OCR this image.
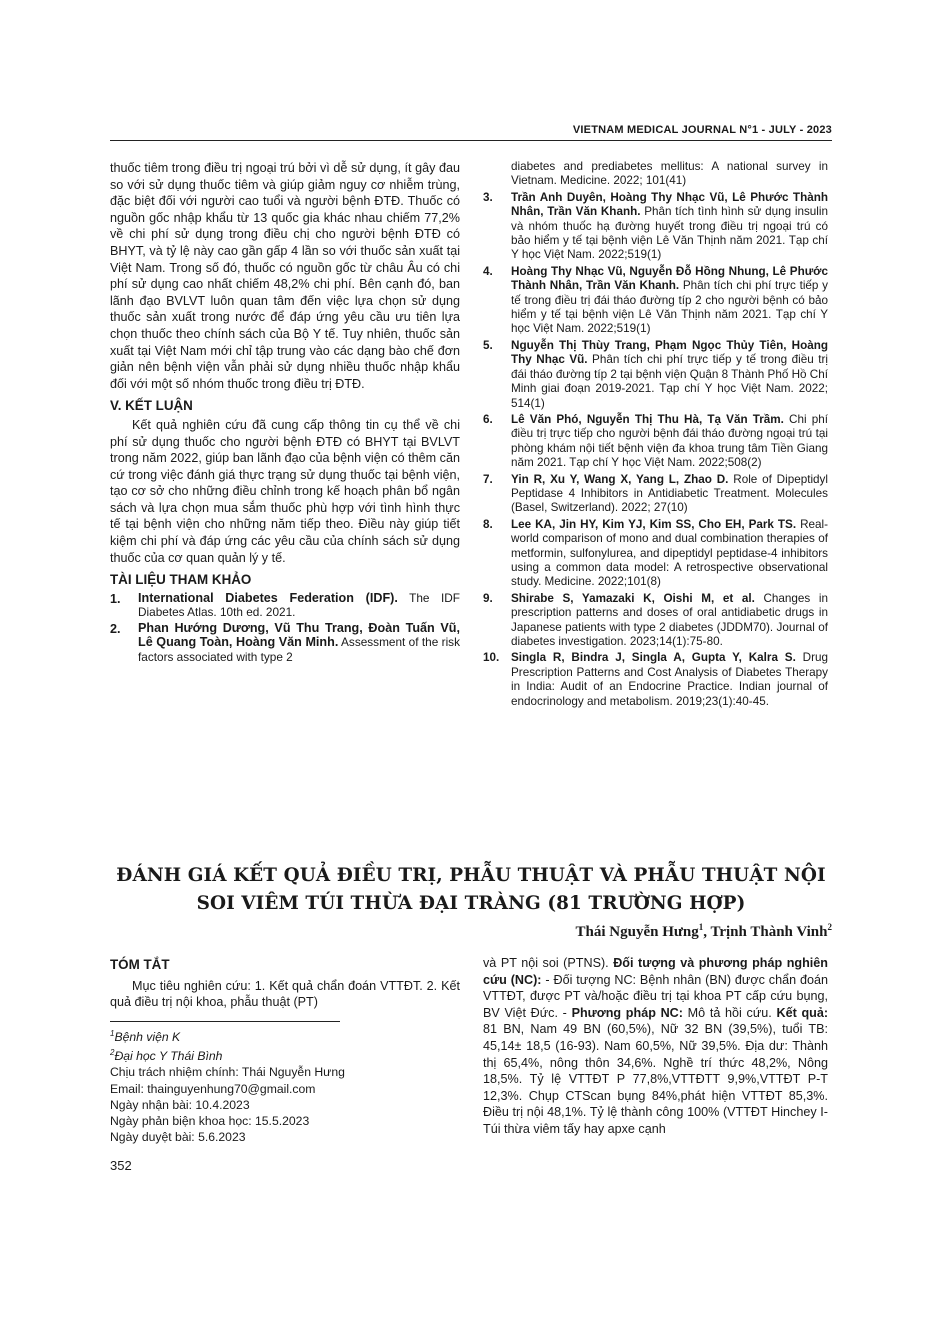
VIETNAM MEDICAL JOURNAL N°1 - JULY - 2023

thuốc tiêm trong điều trị ngoại trú bởi vì dễ sử dụng, ít gây đau so với sử dụng thuốc tiêm và giúp giảm nguy cơ nhiễm trùng, đặc biệt đối với người cao tuổi và người bệnh ĐTĐ. Thuốc có nguồn gốc nhập khẩu từ 13 quốc gia khác nhau chiếm 77,2% về chi phí sử dụng trong điều chị cho người bệnh ĐTĐ có BHYT, và tỷ lệ này cao gần gấp 4 lần so với thuốc sản xuất tại Việt Nam. Trong số đó, thuốc có nguồn gốc từ châu Âu có chi phí sử dụng cao nhất chiếm 48,2% chi phí. Bên cạnh đó, ban lãnh đạo BVLVT luôn quan tâm đến việc lựa chọn sử dụng thuốc sản xuất trong nước để đáp ứng yêu cầu ưu tiên lựa chọn thuốc theo chính sách của Bộ Y tế. Tuy nhiên, thuốc sản xuất tại Việt Nam mới chỉ tập trung vào các dạng bào chế đơn giản nên bệnh viện vẫn phải sử dụng nhiều thuốc nhập khẩu đối với một số nhóm thuốc trong điều trị ĐTĐ.

V. KẾT LUẬN

Kết quả nghiên cứu đã cung cấp thông tin cụ thể về chi phí sử dụng thuốc cho người bệnh ĐTĐ có BHYT tại BVLVT trong năm 2022, giúp ban lãnh đạo của bệnh viện có thêm căn cứ trong việc đánh giá thực trạng sử dụng thuốc tại bệnh viện, tạo cơ sở cho những điều chỉnh trong kế hoạch phân bổ ngân sách và lựa chọn mua sắm thuốc phù hợp với tình hình thực tế tại bệnh viện cho những năm tiếp theo. Điều này giúp tiết kiệm chi phí và đáp ứng các yêu cầu của chính sách sử dụng thuốc của cơ quan quản lý y tế.

TÀI LIỆU THAM KHẢO
1.	International Diabetes Federation (IDF). The IDF Diabetes Atlas. 10th ed. 2021.
2.	Phan Hướng Dương, Vũ Thu Trang, Đoàn Tuấn Vũ, Lê Quang Toàn, Hoàng Văn Minh. Assessment of the risk factors associated with type 2
diabetes and prediabetes mellitus: A national survey in Vietnam. Medicine. 2022; 101(41)
3.	Trần Anh Duyên, Hoàng Thy Nhạc Vũ, Lê Phước Thành Nhân, Trần Văn Khanh. Phân tích tình hình sử dụng insulin và nhóm thuốc hạ đường huyết trong điều trị ngoại trú có bảo hiểm y tế tại bệnh viện Lê Văn Thịnh năm 2021. Tạp chí Y học Việt Nam. 2022;519(1)
4.	Hoàng Thy Nhạc Vũ, Nguyễn Đỗ Hồng Nhung, Lê Phước Thành Nhân, Trần Văn Khanh. Phân tích chi phí trực tiếp y tế trong điều trị đái tháo đường típ 2 cho người bệnh có bảo hiểm y tế tại bệnh viện Lê Văn Thịnh năm 2021. Tạp chí Y học Việt Nam. 2022;519(1)
5.	Nguyễn Thị Thùy Trang, Phạm Ngọc Thủy Tiên, Hoàng Thy Nhạc Vũ. Phân tích chi phí trực tiếp y tế trong điều trị đái tháo đường típ 2 tại bệnh viện Quận 8 Thành Phố Hồ Chí Minh giai đoạn 2019-2021. Tạp chí Y học Việt Nam. 2022; 514(1)
6.	Lê Văn Phó, Nguyễn Thị Thu Hà, Tạ Văn Trầm. Chi phí điều trị trực tiếp cho người bệnh đái tháo đường ngoại trú tại phòng khám nội tiết bệnh viện đa khoa trung tâm Tiền Giang năm 2021. Tạp chí Y học Việt Nam. 2022;508(2)
7.	Yin R, Xu Y, Wang X, Yang L, Zhao D. Role of Dipeptidyl Peptidase 4 Inhibitors in Antidiabetic Treatment. Molecules (Basel, Switzerland). 2022; 27(10)
8.	Lee KA, Jin HY, Kim YJ, Kim SS, Cho EH, Park TS. Real-world comparison of mono and dual combination therapies of metformin, sulfonylurea, and dipeptidyl peptidase-4 inhibitors using a common data model: A retrospective observational study. Medicine. 2022;101(8)
9.	Shirabe S, Yamazaki K, Oishi M, et al. Changes in prescription patterns and doses of oral antidiabetic drugs in Japanese patients with type 2 diabetes (JDDM70). Journal of diabetes investigation. 2023;14(1):75-80.
10.	Singla R, Bindra J, Singla A, Gupta Y, Kalra S. Drug Prescription Patterns and Cost Analysis of Diabetes Therapy in India: Audit of an Endocrine Practice. Indian journal of endocrinology and metabolism. 2019;23(1):40-45.
ĐÁNH GIÁ KẾT QUẢ ĐIỀU TRỊ, PHẪU THUẬT VÀ PHẪU THUẬT NỘI SOI VIÊM TÚI THỪA ĐẠI TRÀNG (81 TRƯỜNG HỢP)
Thái Nguyễn Hưng$^1$, Trịnh Thành Vinh$^2$
TÓM TẮT

Mục tiêu nghiên cứu: 1. Kết quả chẩn đoán VTTĐT. 2. Kết quả điều trị nội khoa, phẫu thuật (PT)

$^1$Bệnh viện K

$^2$Đại học Y Thái Bình

Chịu trách nhiệm chính: Thái Nguyễn Hưng

Email: thainguyenhung70@gmail.com

Ngày nhận bài: 10.4.2023

Ngày phản biện khoa học: 15.5.2023

Ngày duyệt bài: 5.6.2023

và PT nội soi (PTNS). Đối tượng và phương pháp nghiên cứu (NC): - Đối tượng NC: Bệnh nhân (BN) được chẩn đoán VTTĐT, được PT và/hoặc điều trị tại khoa PT cấp cứu bụng, BV Việt Đức. - Phương pháp NC: Mô tả hồi cứu. Kết quả: 81 BN, Nam 49 BN (60,5%), Nữ 32 BN (39,5%), tuổi TB: 45,14± 18,5 (16-93). Nam 60,5%, Nữ 39,5%. Địa dư: Thành thị 65,4%, nông thôn 34,6%. Nghề trí thức 48,2%, Nông 18,5%. Tỷ lệ VTTĐT P 77,8%,VTTĐTT 9,9%,VTTĐT P-T 12,3%. Chụp CTScan bụng 84%,phát hiện VTTĐT 85,3%. Điều trị nội 48,1%. Tỷ lệ thành công 100% (VTTĐT Hinchey I-Túi thừa viêm tấy hay apxe cạnh

352
